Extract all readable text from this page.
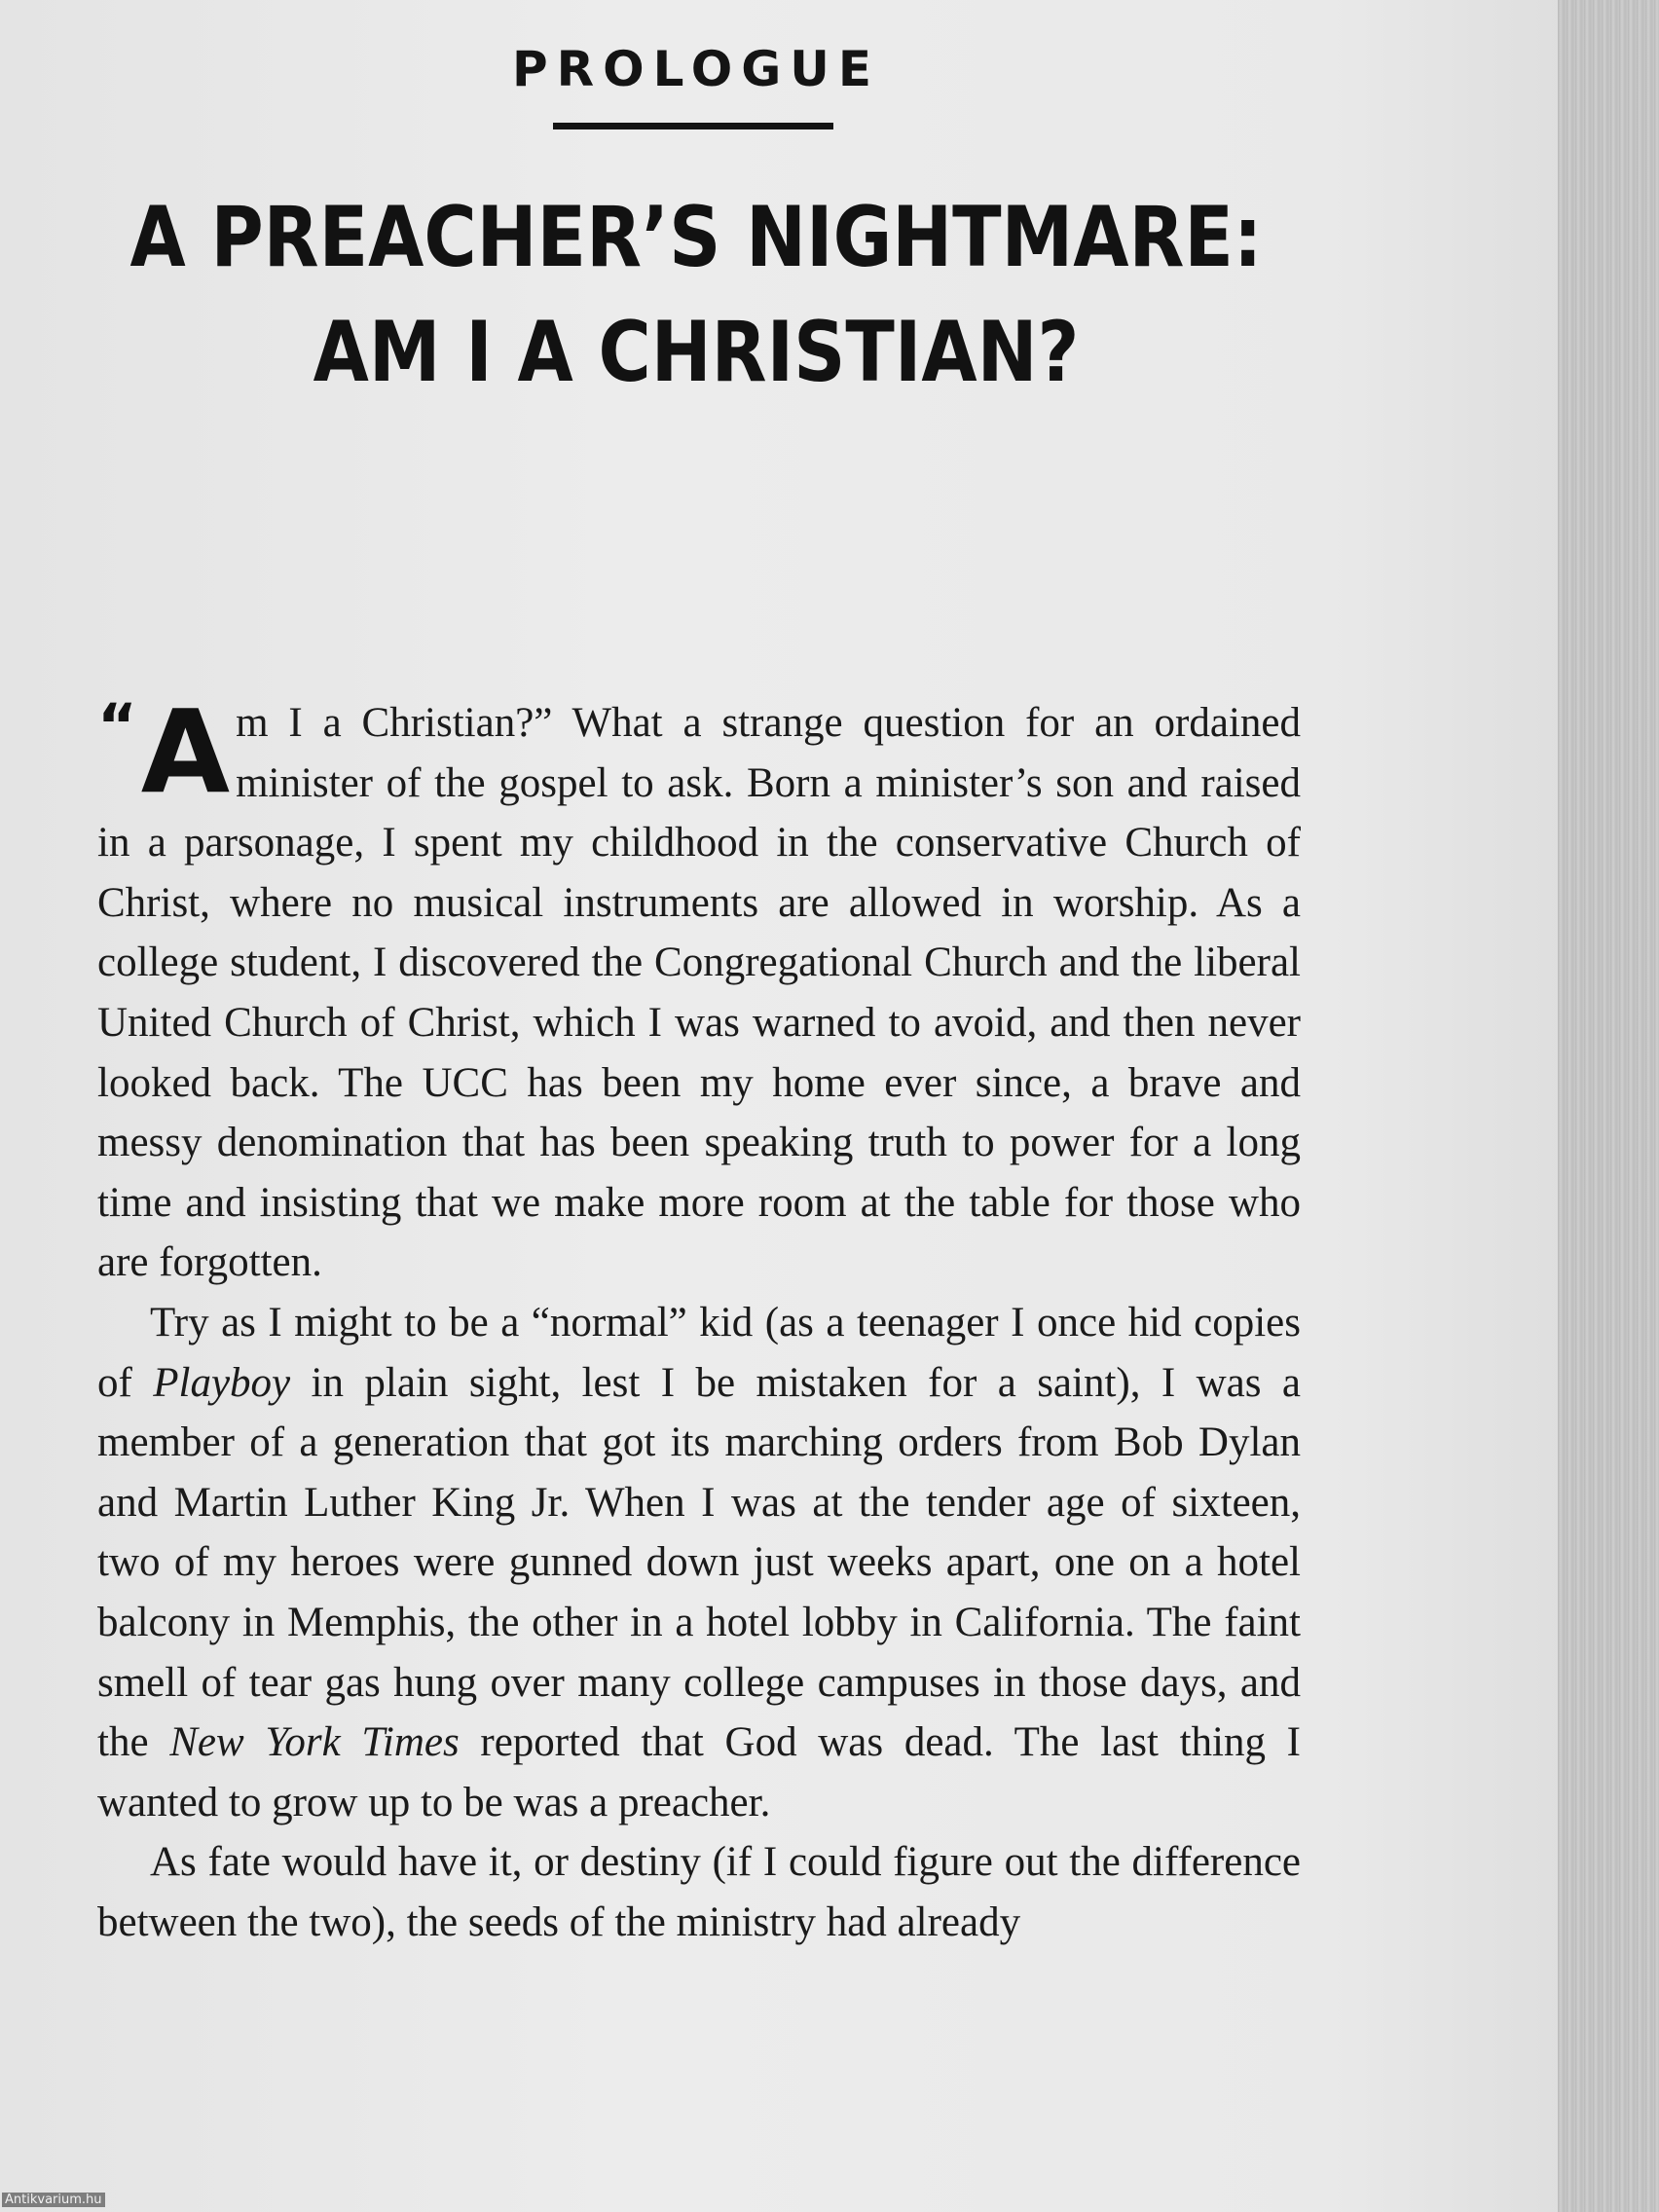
PROLOGUE
A PREACHER’S NIGHTMARE:
AM I A CHRISTIAN?

“ A m I a Christian?” What a strange question for an ordained minister of the gospel to ask. Born a minister’s son and raised in a parsonage, I spent my childhood in the conservative Church of Christ, where no musical instruments are allowed in worship. As a college student, I discovered the Congregational Church and the liberal United Church of Christ, which I was warned to avoid, and then never looked back. The UCC has been my home ever since, a brave and messy denomination that has been speaking truth to power for a long time and insisting that we make more room at the table for those who are forgotten.

Try as I might to be a “normal” kid (as a teenager I once hid copies of Playboy in plain sight, lest I be mistaken for a saint), I was a member of a generation that got its marching orders from Bob Dylan and Martin Luther King Jr. When I was at the tender age of sixteen, two of my heroes were gunned down just weeks apart, one on a hotel balcony in Memphis, the other in a hotel lobby in California. The faint smell of tear gas hung over many college campuses in those days, and the New York Times reported that God was dead. The last thing I wanted to grow up to be was a preacher.

As fate would have it, or destiny (if I could figure out the difference between the two), the seeds of the ministry had already

Antikvarium.hu
